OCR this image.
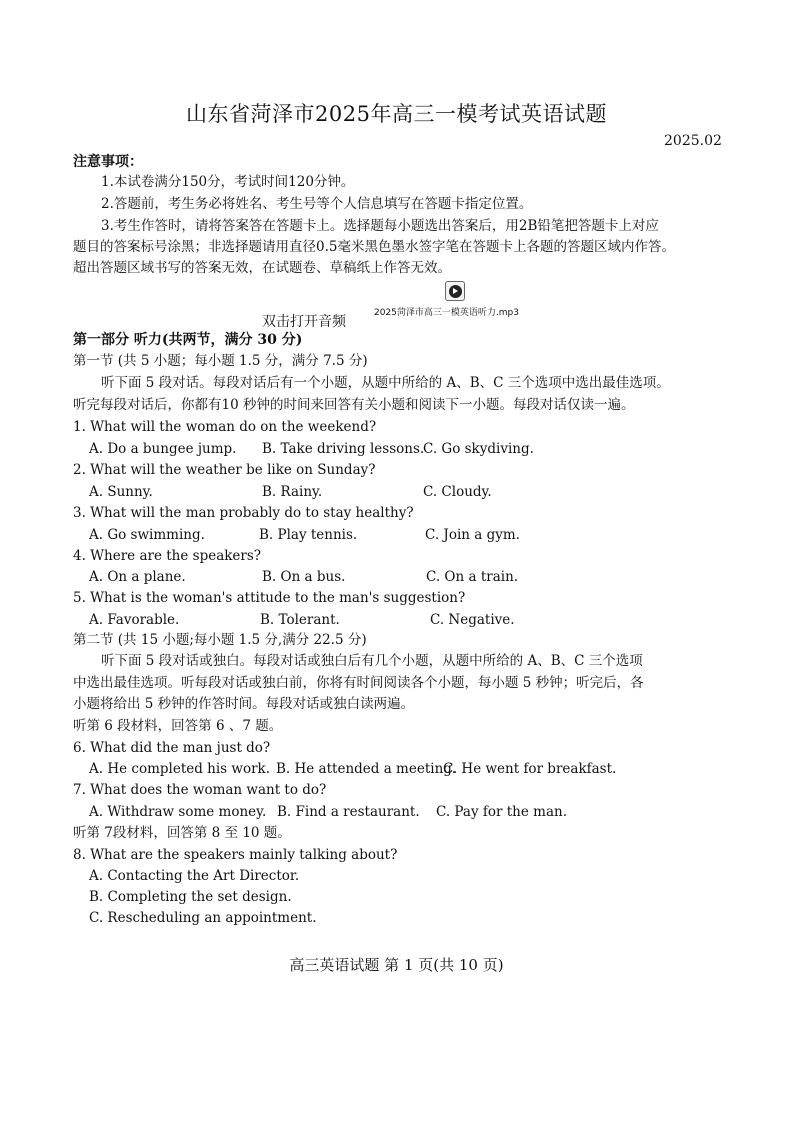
山东省菏泽市2025年高三一模考试英语试题
2025.02
注意事项：
1.本试卷满分150分，考试时间120分钟。
2.答题前，考生务必将姓名、考生号等个人信息填写在答题卡指定位置。
3.考生作答时，请将答案答在答题卡上。选择题每小题选出答案后，用2B铅笔把答题卡上对应
题目的答案标号涂黑；非选择题请用直径0.5毫米黑色墨水签字笔在答题卡上各题的答题区域内作答。
超出答题区域书写的答案无效，在试题卷、草稿纸上作答无效。
2025菏泽市高三一模英语听力.mp3
双击打开音频
第一部分 听力(共两节，满分 30 分)
第一节 (共 5 小题；每小题 1.5 分，满分 7.5 分)
听下面 5 段对话。每段对话后有一个小题，从题中所给的 A、B、C 三个选项中选出最佳选项。
听完每段对话后，你都有10 秒钟的时间来回答有关小题和阅读下一小题。每段对话仅读一遍。
1. What will the woman do on the weekend?
A. Do a bungee jump. B. Take driving lessons.
C. Go skydiving.
2. What will the weather be like on Sunday?
A. Sunny.	B. Rainy.	C. Cloudy.
3. What will the man probably do to stay healthy?
A. Go swimming.	B. Play tennis.	C. Join a gym.
4. Where are the speakers?
A. On a plane.	B. On a bus.	C. On a train.
5. What is the woman's attitude to the man's suggestion?
A. Favorable.	B. Tolerant.	C. Negative.
第二节 (共 15 小题;每小题 1.5 分,满分 22.5 分)
听下面 5 段对话或独白。每段对话或独白后有几个小题，从题中所给的 A、B、C 三个选项
中选出最佳选项。听每段对话或独白前，你将有时间阅读各个小题，每小题 5 秒钟；听完后，各
小题将给出 5 秒钟的作答时间。每段对话或独白读两遍。
听第 6 段材料，回答第 6 、7 题。
6. What did the man just do?
A. He completed his work. B. He attended a meeting.
C. He went for breakfast.
7. What does the woman want to do?
A. Withdraw some money. B. Find a restaurant. C. Pay for the man.
听第 7段材料，回答第 8 至 10 题。
8. What are the speakers mainly talking about?
A. Contacting the Art Director.
B. Completing the set design.
C. Rescheduling an appointment.
高三英语试题 第 1 页(共 10 页)
